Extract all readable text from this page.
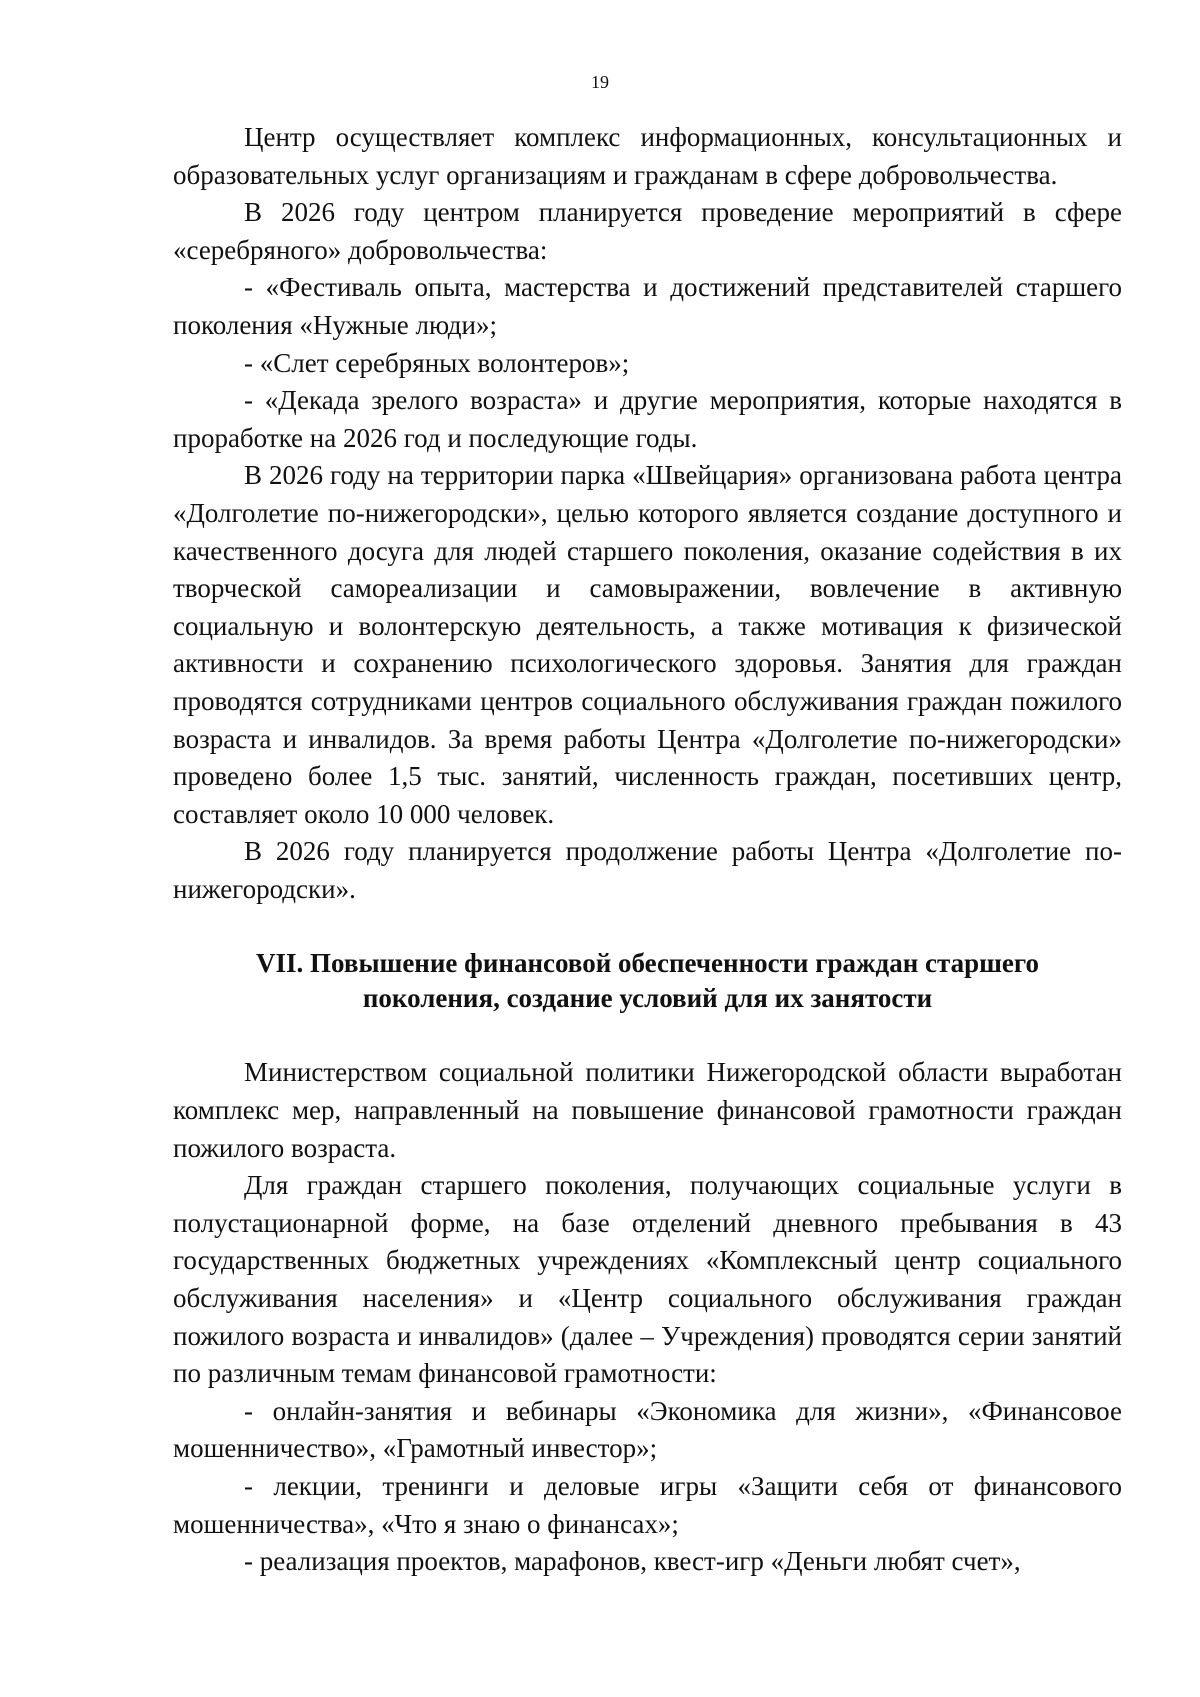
19

Центр осуществляет комплекс информационных, консультационных и образовательных услуг организациям и гражданам в сфере добровольчества.

В 2026 году центром планируется проведение мероприятий в сфере «серебряного» добровольчества:

- «Фестиваль опыта, мастерства и достижений представителей старшего поколения «Нужные люди»;

- «Слет серебряных волонтеров»;

- «Декада зрелого возраста» и другие мероприятия, которые находятся в проработке на 2026 год и последующие годы.

В 2026 году на территории парка «Швейцария» организована работа центра «Долголетие по-нижегородски», целью которого является создание доступного и качественного досуга для людей старшего поколения, оказание содействия в их творческой самореализации и самовыражении, вовлечение в активную социальную и волонтерскую деятельность, а также мотивация к физической активности и сохранению психологического здоровья. Занятия для граждан проводятся сотрудниками центров социального обслуживания граждан пожилого возраста и инвалидов. За время работы Центра «Долголетие по-нижегородски» проведено более 1,5 тыс. занятий, численность граждан, посетивших центр, составляет около 10 000 человек.

В 2026 году планируется продолжение работы Центра «Долголетие по-нижегородски».

VII. Повышение финансовой обеспеченности граждан старшего
поколения, создание условий для их занятости

Министерством социальной политики Нижегородской области выработан комплекс мер, направленный на повышение финансовой грамотности граждан пожилого возраста.

Для граждан старшего поколения, получающих социальные услуги в полустационарной форме, на базе отделений дневного пребывания в 43 государственных бюджетных учреждениях «Комплексный центр социального обслуживания населения» и «Центр социального обслуживания граждан пожилого возраста и инвалидов» (далее – Учреждения) проводятся серии занятий по различным темам финансовой грамотности:

- онлайн-занятия и вебинары «Экономика для жизни», «Финансовое мошенничество», «Грамотный инвестор»;

- лекции, тренинги и деловые игры «Защити себя от финансового мошенничества», «Что я знаю о финансах»;

- реализация проектов, марафонов, квест-игр «Деньги любят счет»,
